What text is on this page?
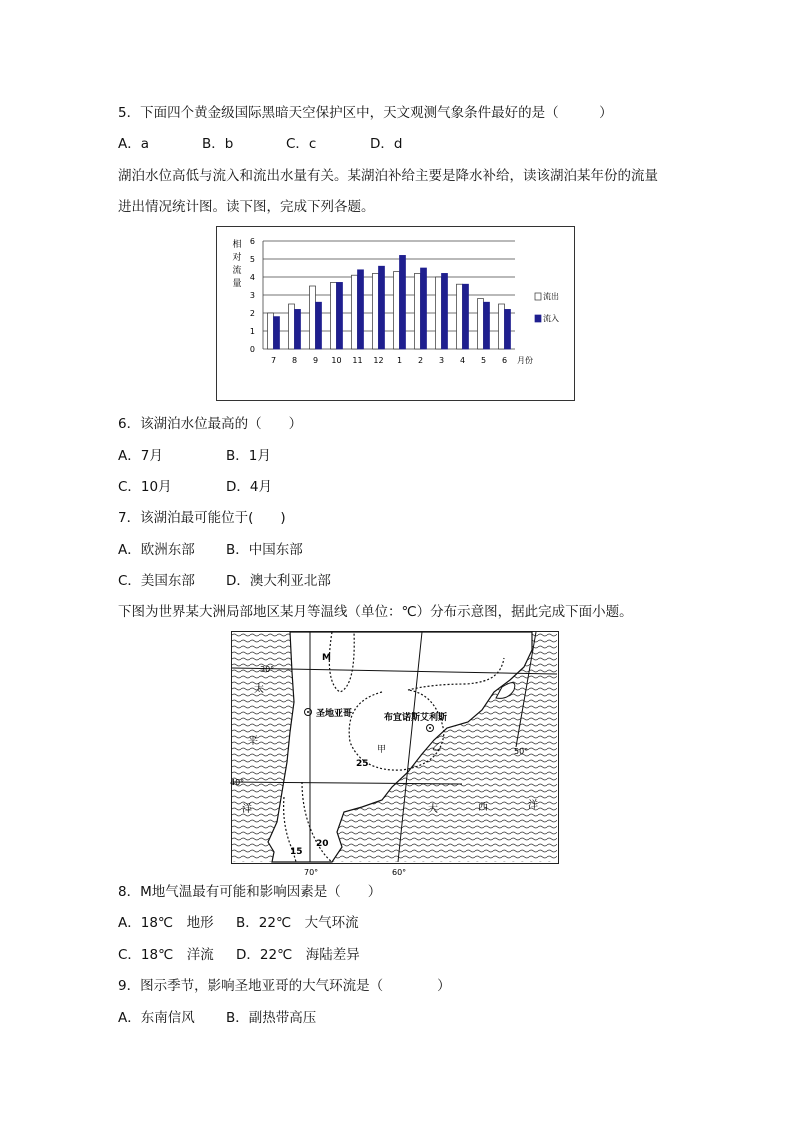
5．下面四个黄金级国际黑暗天空保护区中，天文观测气象条件最好的是（　　　）
A．a	B．b	C．c	D．d
湖泊水位高低与流入和流出水量有关。某湖泊补给主要是降水补给，读该湖泊某年份的流量
进出情况统计图。读下图，完成下列各题。
0
1
2
3
4
5
6
相
对
流
量
7 8 9 10 11 12 1 2 3 4 5 6 月份
流出
流入
6．该湖泊水位最高的（　　）
A．7月	B．1月
C．10月	D．4月
7．该湖泊最可能位于(　　)
A．欧洲东部 B．中国东部
C．美国东部 D．澳大利亚北部
下图为世界某大洲局部地区某月等温线（单位：℃）分布示意图，据此完成下面小题。
30°
40°
70°	60°
50°
M
圣地亚哥	布宜诺斯艾利斯
甲	乙
25
20
15
太
平
洋	大	西	洋
8．M地气温最有可能和影响因素是（　　）
A．18℃　地形 B．22℃　大气环流
C．18℃　洋流 D．22℃　海陆差异
9．图示季节，影响圣地亚哥的大气环流是（　　　　）
A．东南信风 B．副热带高压
